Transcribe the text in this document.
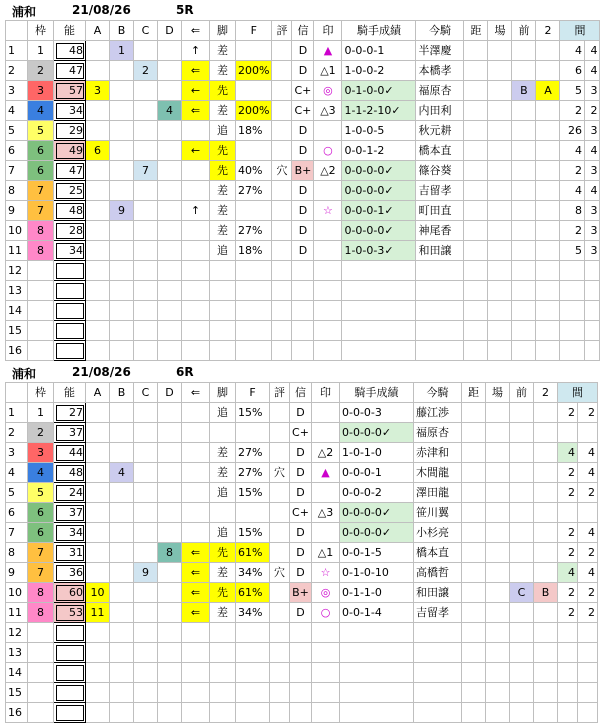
浦和	21/08/26	5R
	枠	能	A	B	C	D	⇐	脚	F	評	信	印	騎手成績	今騎	距	場	前	2	間	
1	1	48		1			↑	差			D	▲	0-0-0-1	半澤慶					4	4
2	2	47			2		⇐	差	200%		D	△1	1-0-0-2	本橋孝					6	4
3	3	57	3				←	先			C+	◎	0-1-0-0✓	福原杏			B	A	5	3
4	4	34				4	⇐	差	200%		C+	△3	1-1-2-10✓	内田利					2	2
5	5	29						追	18%		D		1-0-0-5	秋元耕					26	3
6	6	49	6				←	先			D	○	0-0-1-2	橋本直					4	4
7	6	47			7			先	40%	穴	B+	△2	0-0-0-0✓	篠谷葵					2	3
8	7	25						差	27%		D		0-0-0-0✓	吉留孝					4	4
9	7	48		9			↑	差			D	☆	0-0-0-1✓	町田直					8	3
10	8	28						差	27%		D		0-0-0-0✓	神尾香					2	3
11	8	34						追	18%		D		1-0-0-3✓	和田譲					5	3
12																				
13																				
14																				
15																				
16																				
浦和	21/08/26	6R
	枠	能	A	B	C	D	⇐	脚	F	評	信	印	騎手成績	今騎	距	場	前	2	間	
1	1	27						追	15%		D		0-0-0-3	藤江渉					2	2
2	2	37									C+		0-0-0-0✓	福原杏						
3	3	44						差	27%		D	△2	1-0-1-0	赤津和					4	4
4	4	48		4				差	27%	穴	D	▲	0-0-0-1	木間龍					2	4
5	5	24						追	15%		D		0-0-0-2	澤田龍					2	2
6	6	37									C+	△3	0-0-0-0✓	笹川翼						
7	6	34						追	15%		D		0-0-0-0✓	小杉亮					2	4
8	7	31				8	⇐	先	61%		D	△1	0-0-1-5	橋本直					2	2
9	7	36			9		⇐	差	34%	穴	D	☆	0-1-0-10	高橋哲					4	4
10	8	60	10				⇐	先	61%		B+	◎	0-1-1-0	和田譲			C	B	2	2
11	8	53	11				⇐	差	34%		D	○	0-0-1-4	吉留孝					2	2
12																				
13																				
14																				
15																				
16																				
